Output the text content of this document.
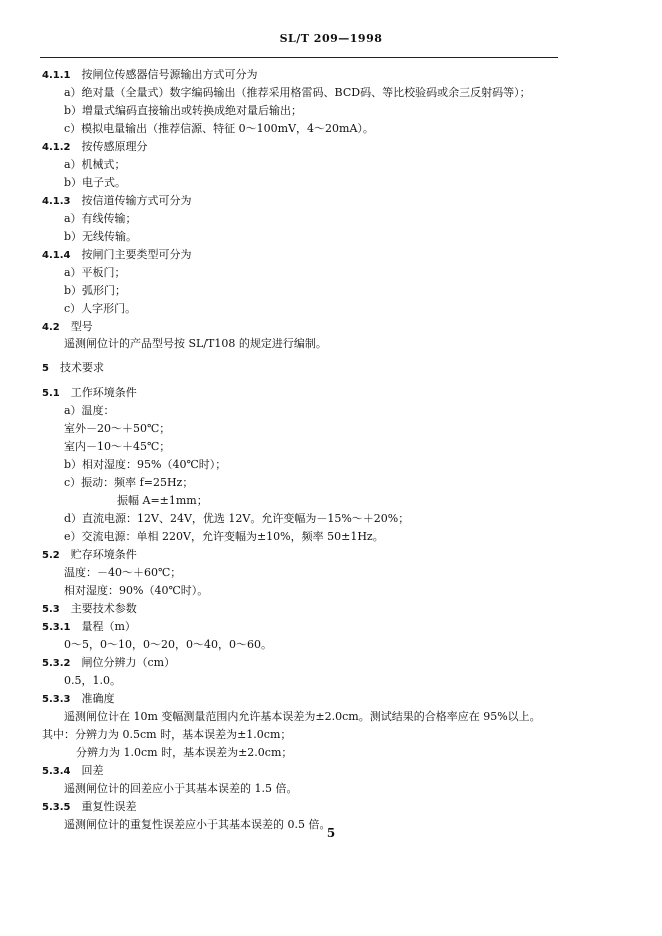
SL/T 209—1998
4.1.1  按闸位传感器信号源输出方式可分为
a）绝对量（全量式）数字编码输出（推荐采用格雷码、BCD码、等比校验码或余三反射码等）；
b）增量式编码直接输出或转换成绝对量后输出；
c）模拟电量输出（推荐信源、特征 0～100mV，4～20mA）。
4.1.2  按传感原理分
a）机械式；
b）电子式。
4.1.3  按信道传输方式可分为
a）有线传输；
b）无线传输。
4.1.4  按闸门主要类型可分为
a）平板门；
b）弧形门；
c）人字形门。
4.2  型号
遥测闸位计的产品型号按 SL/T108 的规定进行编制。
5  技术要求
5.1  工作环境条件
a）温度：
室外－20～＋50℃；
室内－10～＋45℃；
b）相对湿度：95%（40℃时）；
c）振动：频率 f=25Hz；
振幅 A=±1mm；
d）直流电源：12V、24V，优选 12V。允许变幅为－15%～＋20%；
e）交流电源：单相 220V，允许变幅为±10%，频率 50±1Hz。
5.2  贮存环境条件
温度：－40～＋60℃；
相对湿度：90%（40℃时）。
5.3  主要技术参数
5.3.1  量程（m）
0～5，0～10，0～20，0～40，0～60。
5.3.2  闸位分辨力（cm）
0.5，1.0。
5.3.3  准确度
遥测闸位计在 10m 变幅测量范围内允许基本误差为±2.0cm。测试结果的合格率应在 95%以上。
其中：分辨力为 0.5cm 时，基本误差为±1.0cm；
分辨力为 1.0cm 时，基本误差为±2.0cm；
5.3.4  回差
遥测闸位计的回差应小于其基本误差的 1.5 倍。
5.3.5  重复性误差
遥测闸位计的重复性误差应小于其基本误差的 0.5 倍。
5
